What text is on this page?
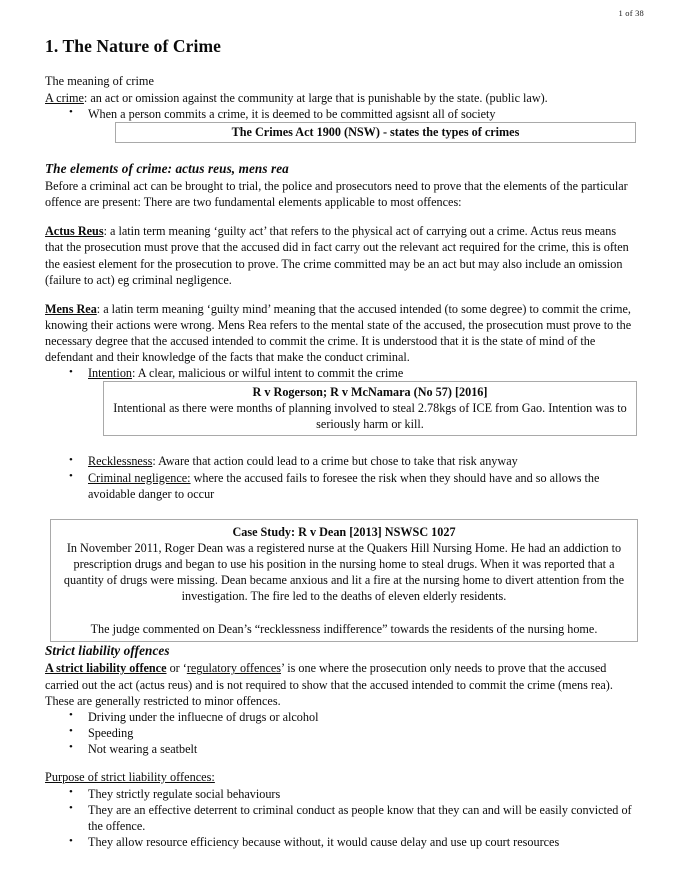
1 of 38
1. The Nature of Crime
The meaning of crime

A crime: an act or omission against the community at large that is punishable by the state. (public law).

• When a person commits a crime, it is deemed to be committed agsisnt all of society
The Crimes Act 1900 (NSW) - states the types of crimes
The elements of crime: actus reus, mens rea

Before a criminal act can be brought to trial, the police and prosecutors need to prove that the elements of the particular offence are present: There are two fundamental elements applicable to most offences:

Actus Reus: a latin term meaning ‘guilty act’ that refers to the physical act of carrying out a crime. Actus reus means that the prosecution must prove that the accused did in fact carry out the relevant act required for the crime, this is often the easiest element for the prosecution to prove. The crime committed may be an act but may also include an omission (failure to act) eg criminal negligence.

Mens Rea: a latin term meaning ‘guilty mind’ meaning that the accused intended (to some degree) to commit the crime, knowing their actions were wrong. Mens Rea refers to the mental state of the accused, the prosecution must prove to the necessary degree that the accused intended to commit the crime. It is understood that it is the state of mind of the defendant and their knowledge of the facts that make the conduct criminal.

• Intention: A clear, malicious or wilful intent to commit the crime
R v Rogerson; R v McNamara (No 57) [2016]
Intentional as there were months of planning involved to steal 2.78kgs of ICE from Gao. Intention was to seriously harm or kill.
• Recklessness: Aware that action could lead to a crime but chose to take that risk anyway
• Criminal negligence: where the accused fails to foresee the risk when they should have and so allows the avoidable danger to occur
Case Study: R v Dean [2013] NSWSC 1027
In November 2011, Roger Dean was a registered nurse at the Quakers Hill Nursing Home. He had an addiction to prescription drugs and began to use his position in the nursing home to steal drugs. When it was reported that a quantity of drugs were missing. Dean became anxious and lit a fire at the nursing home to divert attention from the investigation. The fire led to the deaths of eleven elderly residents.
The judge commented on Dean’s “recklessness indifference” towards the residents of the nursing home.
Strict liability offences

A strict liability offence or ‘regulatory offences’ is one where the prosecution only needs to prove that the accused carried out the act (actus reus) and is not required to show that the accused intended to commit the crime (mens rea). These are generally restricted to minor offences.

• Driving under the influecne of drugs or alcohol
• Speeding
• Not wearing a seatbelt
Purpose of strict liability offences:
• They strictly regulate social behaviours
• They are an effective deterrent to criminal conduct as people know that they can and will be easily convicted of the offence.
• They allow resource efficiency because without, it would cause delay and use up court resources
